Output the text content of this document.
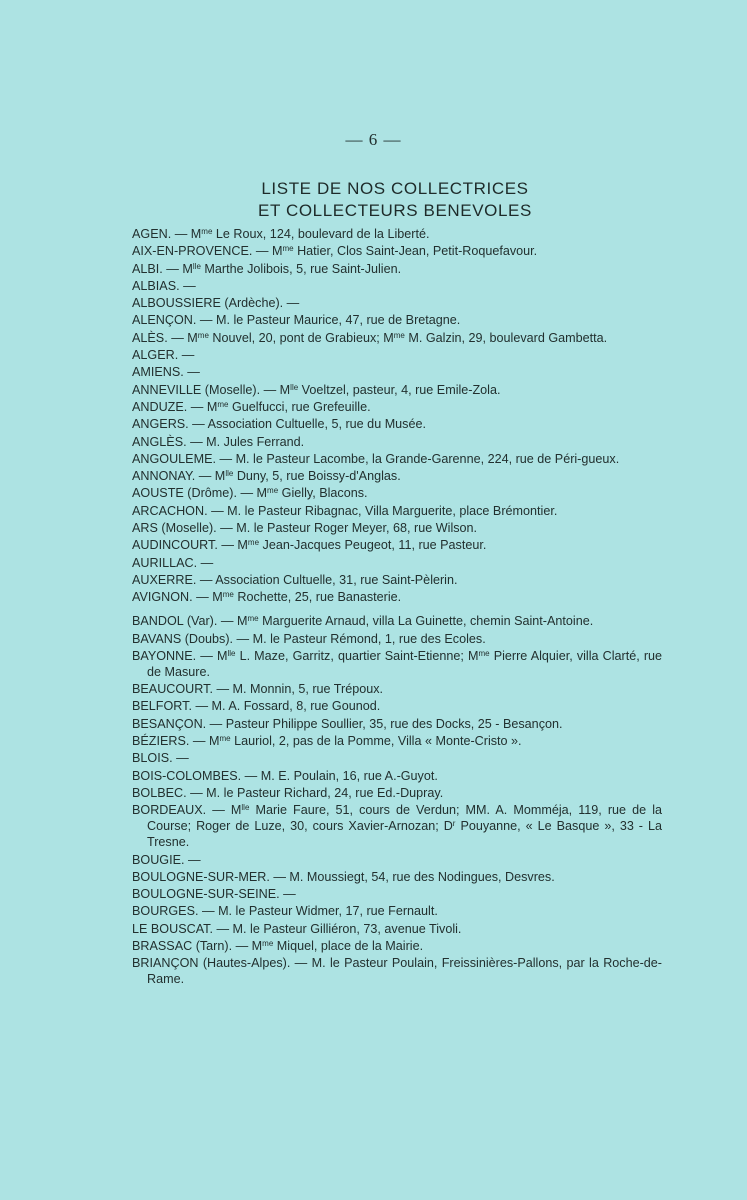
— 6 —
LISTE DE NOS COLLECTRICES
ET COLLECTEURS BENEVOLES
AGEN. — $M^{me}$ Le Roux, 124, boulevard de la Liberté.
AIX-EN-PROVENCE. — $M^{me}$ Hatier, Clos Saint-Jean, Petit-Roquefavour.
ALBI. — $M^{lle}$ Marthe Jolibois, 5, rue Saint-Julien.
ALBIAS. —
ALBOUSSIERE (Ardèche). —
ALENÇON. — M. le Pasteur Maurice, 47, rue de Bretagne.
ALÈS. — $M^{me}$ Nouvel, 20, pont de Grabieux; $M^{me}$ M. Galzin, 29, boulevard Gambetta.
ALGER. —
AMIENS. —
ANNEVILLE (Moselle). — $M^{lle}$ Voeltzel, pasteur, 4, rue Emile-Zola.
ANDUZE. — $M^{me}$ Guelfucci, rue Grefeuille.
ANGERS. — Association Cultuelle, 5, rue du Musée.
ANGLÈS. — M. Jules Ferrand.
ANGOULEME. — M. le Pasteur Lacombe, la Grande-Garenne, 224, rue de Péri-gueux.
ANNONAY. — $M^{lle}$ Duny, 5, rue Boissy-d'Anglas.
AOUSTE (Drôme). — $M^{me}$ Gielly, Blacons.
ARCACHON. — M. le Pasteur Ribagnac, Villa Marguerite, place Brémontier.
ARS (Moselle). — M. le Pasteur Roger Meyer, 68, rue Wilson.
AUDINCOURT. — $M^{me}$ Jean-Jacques Peugeot, 11, rue Pasteur.
AURILLAC. —
AUXERRE. — Association Cultuelle, 31, rue Saint-Pèlerin.
AVIGNON. — $M^{me}$ Rochette, 25, rue Banasterie.
BANDOL (Var). — $M^{me}$ Marguerite Arnaud, villa La Guinette, chemin Saint-Antoine.
BAVANS (Doubs). — M. le Pasteur Rémond, 1, rue des Ecoles.
BAYONNE. — $M^{lle}$ L. Maze, Garritz, quartier Saint-Etienne; $M^{me}$ Pierre Alquier, villa Clarté, rue de Masure.
BEAUCOURT. — M. Monnin, 5, rue Trépoux.
BELFORT. — M. A. Fossard, 8, rue Gounod.
BESANÇON. — Pasteur Philippe Soullier, 35, rue des Docks, 25 - Besançon.
BÉZIERS. — $M^{me}$ Lauriol, 2, pas de la Pomme, Villa « Monte-Cristo ».
BLOIS. —
BOIS-COLOMBES. — M. E. Poulain, 16, rue A.-Guyot.
BOLBEC. — M. le Pasteur Richard, 24, rue Ed.-Dupray.
BORDEAUX. — $M^{lle}$ Marie Faure, 51, cours de Verdun; MM. A. Momméja, 119, rue de la Course; Roger de Luze, 30, cours Xavier-Arnozan; $D^r$ Pouyanne, « Le Basque », 33 - La Tresne.
BOUGIE. —
BOULOGNE-SUR-MER. — M. Moussiegt, 54, rue des Nodingues, Desvres.
BOULOGNE-SUR-SEINE. —
BOURGES. — M. le Pasteur Widmer, 17, rue Fernault.
LE BOUSCAT. — M. le Pasteur Gilliéron, 73, avenue Tivoli.
BRASSAC (Tarn). — $M^{me}$ Miquel, place de la Mairie.
BRIANÇON (Hautes-Alpes). — M. le Pasteur Poulain, Freissinières-Pallons, par la Roche-de-Rame.
